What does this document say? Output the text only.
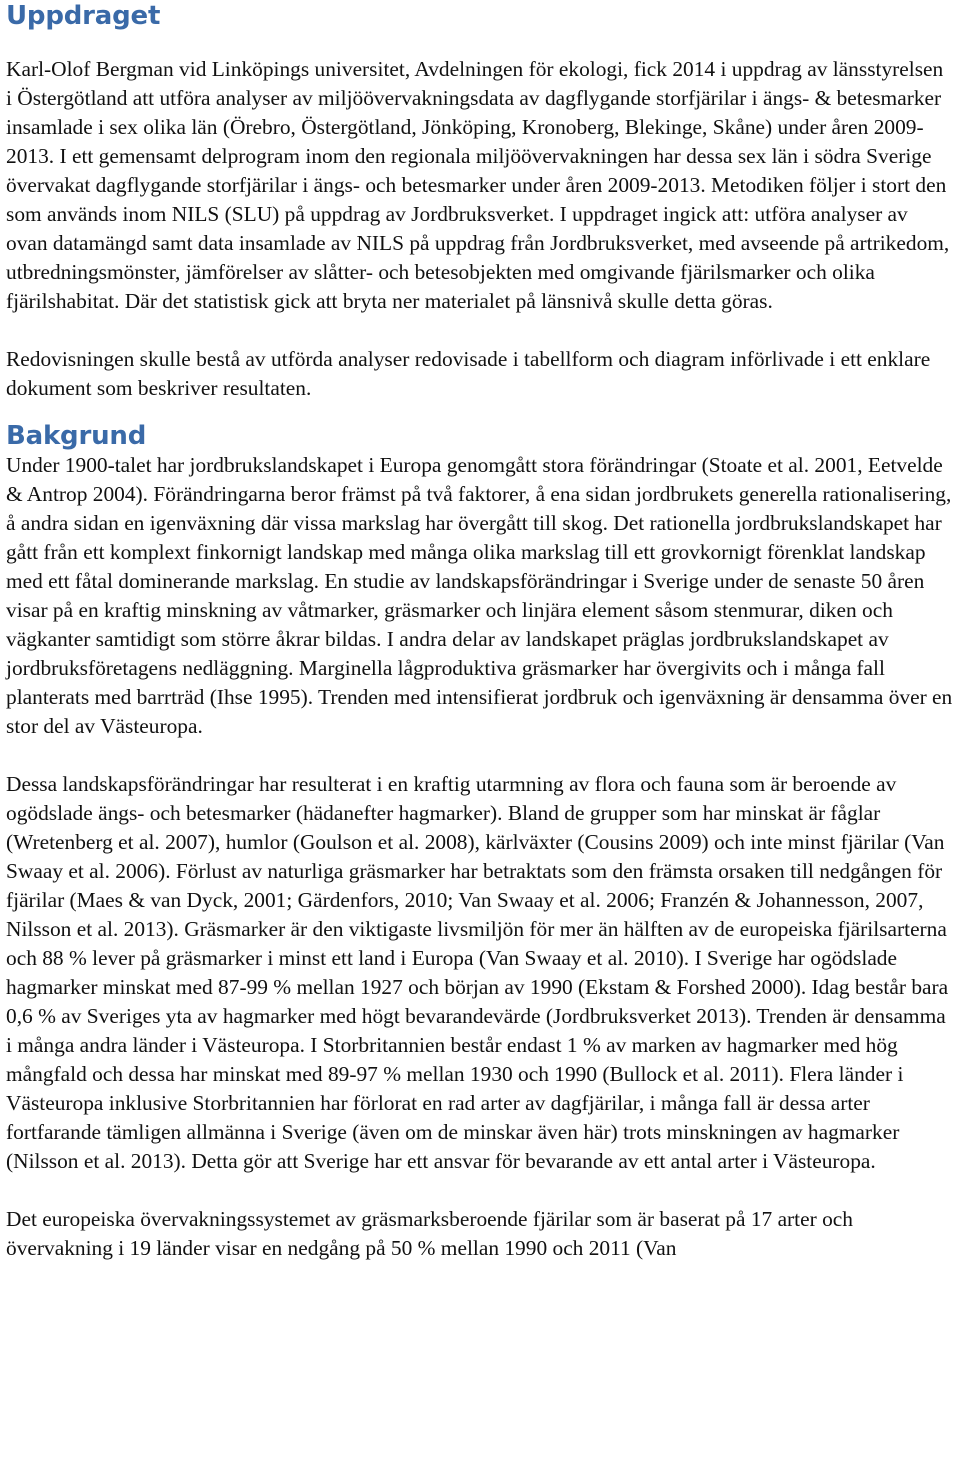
Uppdraget

Karl-Olof Bergman vid Linköpings universitet, Avdelningen för ekologi, fick 2014 i uppdrag av länsstyrelsen i Östergötland att utföra analyser av miljöövervakningsdata av dagflygande storfjärilar i ängs- & betesmarker insamlade i sex olika län (Örebro, Östergötland, Jönköping, Kronoberg, Blekinge, Skåne) under åren 2009-2013. I ett gemensamt delprogram inom den regionala miljöövervakningen har dessa sex län i södra Sverige övervakat dagflygande storfjärilar i ängs- och betesmarker under åren 2009-2013. Metodiken följer i stort den som används inom NILS (SLU) på uppdrag av Jordbruksverket. I uppdraget ingick att: utföra analyser av ovan datamängd samt data insamlade av NILS på uppdrag från Jordbruksverket, med avseende på artrikedom, utbredningsmönster, jämförelser av slåtter- och betesobjekten med omgivande fjärilsmarker och olika fjärilshabitat. Där det statistisk gick att bryta ner materialet på länsnivå skulle detta göras.

Redovisningen skulle bestå av utförda analyser redovisade i tabellform och diagram införlivade i ett enklare dokument som beskriver resultaten.

Bakgrund

Under 1900-talet har jordbrukslandskapet i Europa genomgått stora förändringar (Stoate et al. 2001, Eetvelde & Antrop 2004). Förändringarna beror främst på två faktorer, å ena sidan jordbrukets generella rationalisering, å andra sidan en igenväxning där vissa markslag har övergått till skog. Det rationella jordbrukslandskapet har gått från ett komplext finkornigt landskap med många olika markslag till ett grovkornigt förenklat landskap med ett fåtal dominerande markslag. En studie av landskapsförändringar i Sverige under de senaste 50 åren visar på en kraftig minskning av våtmarker, gräsmarker och linjära element såsom stenmurar, diken och vägkanter samtidigt som större åkrar bildas. I andra delar av landskapet präglas jordbrukslandskapet av jordbruksföretagens nedläggning. Marginella lågproduktiva gräsmarker har övergivits och i många fall planterats med barrträd (Ihse 1995). Trenden med intensifierat jordbruk och igenväxning är densamma över en stor del av Västeuropa.

Dessa landskapsförändringar har resulterat i en kraftig utarmning av flora och fauna som är beroende av ogödslade ängs- och betesmarker (hädanefter hagmarker). Bland de grupper som har minskat är fåglar (Wretenberg et al. 2007), humlor (Goulson et al. 2008), kärlväxter (Cousins 2009) och inte minst fjärilar (Van Swaay et al. 2006). Förlust av naturliga gräsmarker har betraktats som den främsta orsaken till nedgången för fjärilar (Maes & van Dyck, 2001; Gärdenfors, 2010; Van Swaay et al. 2006; Franzén & Johannesson, 2007, Nilsson et al. 2013). Gräsmarker är den viktigaste livsmiljön för mer än hälften av de europeiska fjärilsarterna och 88 % lever på gräsmarker i minst ett land i Europa (Van Swaay et al. 2010). I Sverige har ogödslade hagmarker minskat med 87-99 % mellan 1927 och början av 1990 (Ekstam & Forshed 2000). Idag består bara 0,6 % av Sveriges yta av hagmarker med högt bevarandevärde (Jordbruksverket 2013). Trenden är densamma i många andra länder i Västeuropa. I Storbritannien består endast 1 % av marken av hagmarker med hög mångfald och dessa har minskat med 89-97 % mellan 1930 och 1990 (Bullock et al. 2011). Flera länder i Västeuropa inklusive Storbritannien har förlorat en rad arter av dagfjärilar, i många fall är dessa arter fortfarande tämligen allmänna i Sverige (även om de minskar även här) trots minskningen av hagmarker (Nilsson et al. 2013). Detta gör att Sverige har ett ansvar för bevarande av ett antal arter i Västeuropa.

Det europeiska övervakningssystemet av gräsmarksberoende fjärilar som är baserat på 17 arter och övervakning i 19 länder visar en nedgång på 50 % mellan 1990 och 2011 (Van
